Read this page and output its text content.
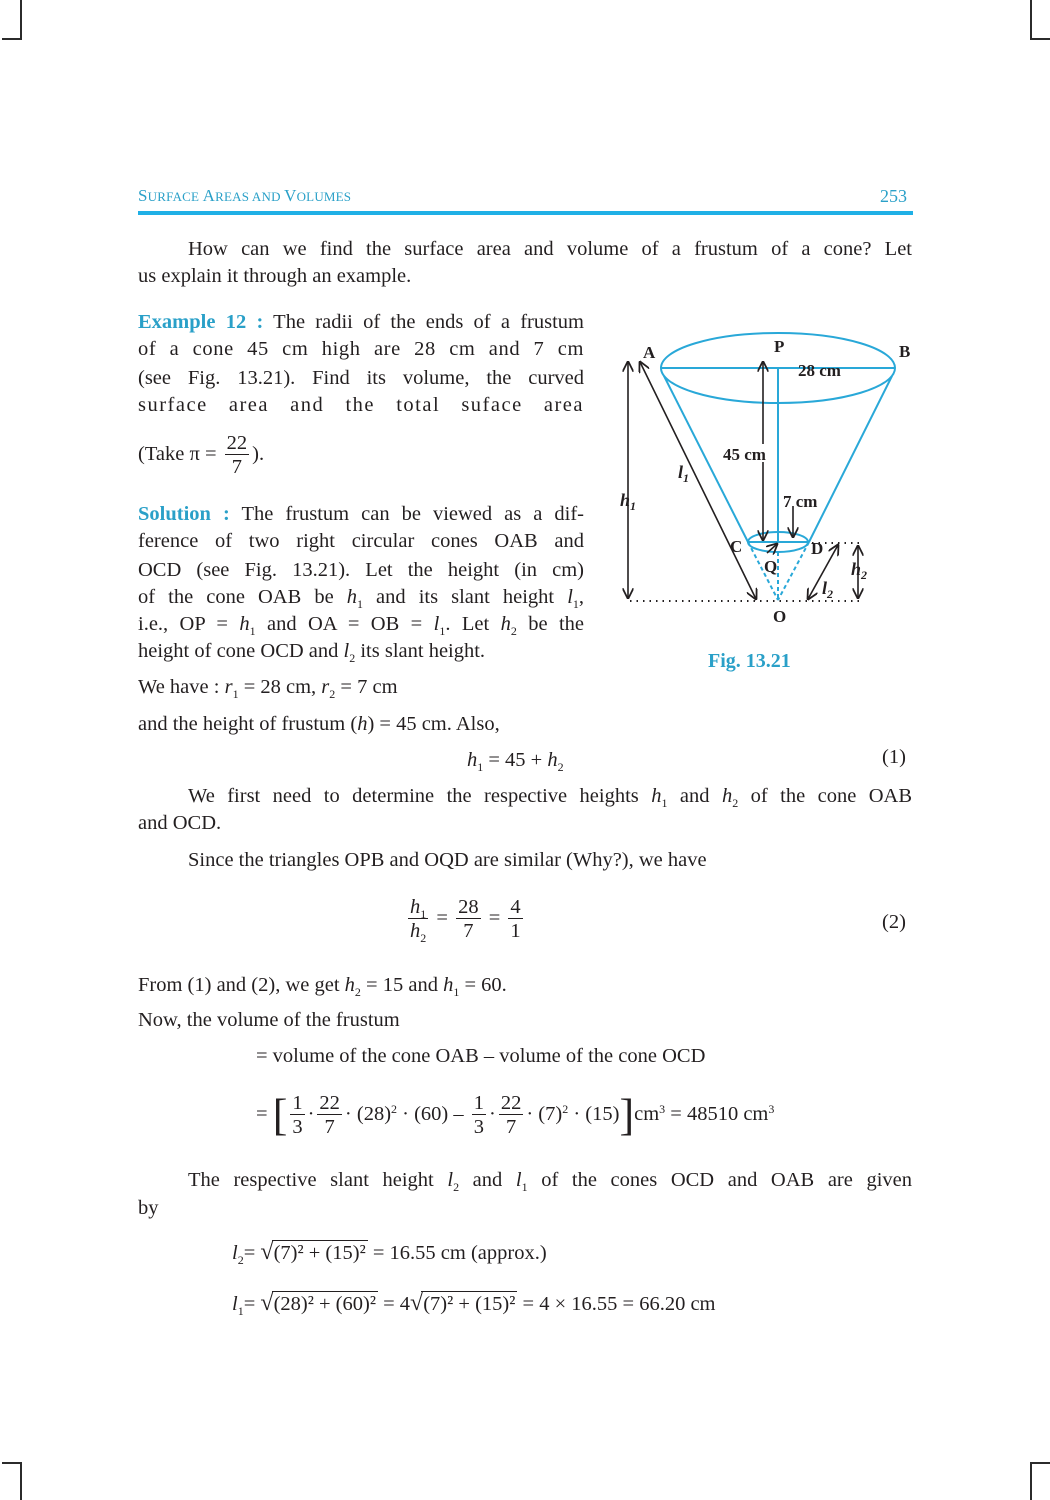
SURFACE AREAS AND VOLUMES	253
How can we find the surface area and volume of a frustum of a cone? Let
us explain it through an example.
Example 12 : The radii of the ends of a frustum
of a cone 45 cm high are 28 cm and 7 cm
(see Fig. 13.21). Find its volume, the curved
surface area and the total suface area
(Take $\pi = \frac{22}{7}$ ).
Solution : The frustum can be viewed as a dif-
ference of two right circular cones OAB and
OCD (see Fig. 13.21). Let the height (in cm)
of the cone OAB be $h_1$ and its slant height $l_1$,
i.e., OP = $h_1$ and OA = OB = $l_1$. Let $h_2$ be the
height of cone OCD and $l_2$ its slant height.
We have : $r_1 = 28$ cm, $r_2 = 7$ cm
and the height of frustum (h) = 45 cm. Also,
$h_1 = 45 + h_2$	(1)
We first need to determine the respective heights $h_1$ and $h_2$ of the cone OAB
and OCD.
Since the triangles OPB and OQD are similar (Why?), we have
$\frac{h_1}{h_2} = \frac{28}{7} = \frac{4}{1}$	(2)
From (1) and (2), we get $h_2 = 15$ and $h_1 = 60$.
Now, the volume of the frustum
= volume of the cone OAB – volume of the cone OCD
= [ $\frac{1}{3} \cdot \frac{22}{7} \cdot (28)^2 \cdot (60) - \frac{1}{3} \cdot \frac{22}{7} \cdot (7)^2 \cdot (15)]cm^3 = 48510$ $cm^3$
The respective slant height $l_2$ and $l_1$ of the cones OCD and OAB are given
by
$l_2= √(7)^2 + (15)^2 = 16.55$ cm (approx.)
$l_1= √(28)^2 + (60)^2 = 4√(7)^2 + (15)^2 = 4 \times 16.55 = 66.20$ cm
A	P	B
28 cm
45 cm
7 cm
C	D
Q
O
$h_1$
$l_1$
$h_2$
$l_2$
Fig. 13.21
